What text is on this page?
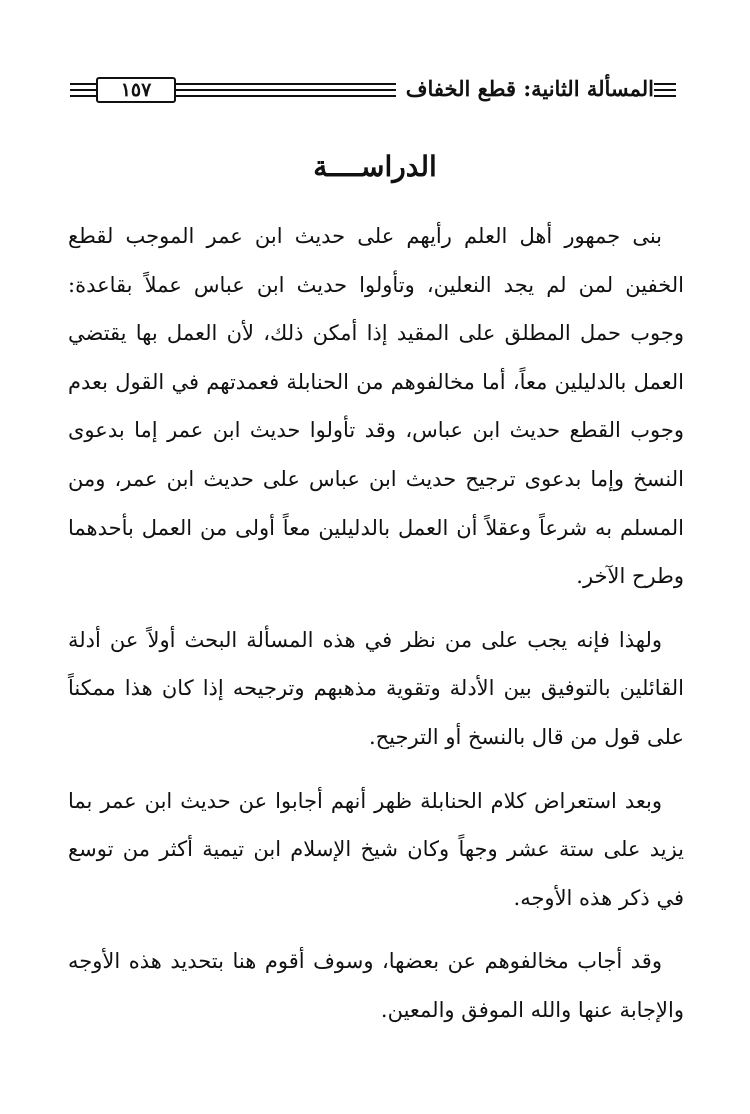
١٥٧	المسألة الثانية: قطع الخفاف
الدراســــة

بنى جمهور أهل العلم رأيهم على حديث ابن عمر الموجب لقطع الخفين لمن لم يجد النعلين، وتأولوا حديث ابن عباس عملاً بقاعدة: وجوب حمل المطلق على المقيد إذا أمكن ذلك، لأن العمل بها يقتضي العمل بالدليلين معاً، أما مخالفوهم من الحنابلة فعمدتهم في القول بعدم وجوب القطع حديث ابن عباس، وقد تأولوا حديث ابن عمر إما بدعوى النسخ وإما بدعوى ترجيح حديث ابن عباس على حديث ابن عمر، ومن المسلم به شرعاً وعقلاً أن العمل بالدليلين معاً أولى من العمل بأحدهما وطرح الآخر.

ولهذا فإنه يجب على من نظر في هذه المسألة البحث أولاً عن أدلة القائلين بالتوفيق بين الأدلة وتقوية مذهبهم وترجيحه إذا كان هذا ممكناً على قول من قال بالنسخ أو الترجيح.

وبعد استعراض كلام الحنابلة ظهر أنهم أجابوا عن حديث ابن عمر بما يزيد على ستة عشر وجهاً وكان شيخ الإسلام ابن تيمية أكثر من توسع في ذكر هذه الأوجه.

وقد أجاب مخالفوهم عن بعضها، وسوف أقوم هنا بتحديد هذه الأوجه والإجابة عنها والله الموفق والمعين.
